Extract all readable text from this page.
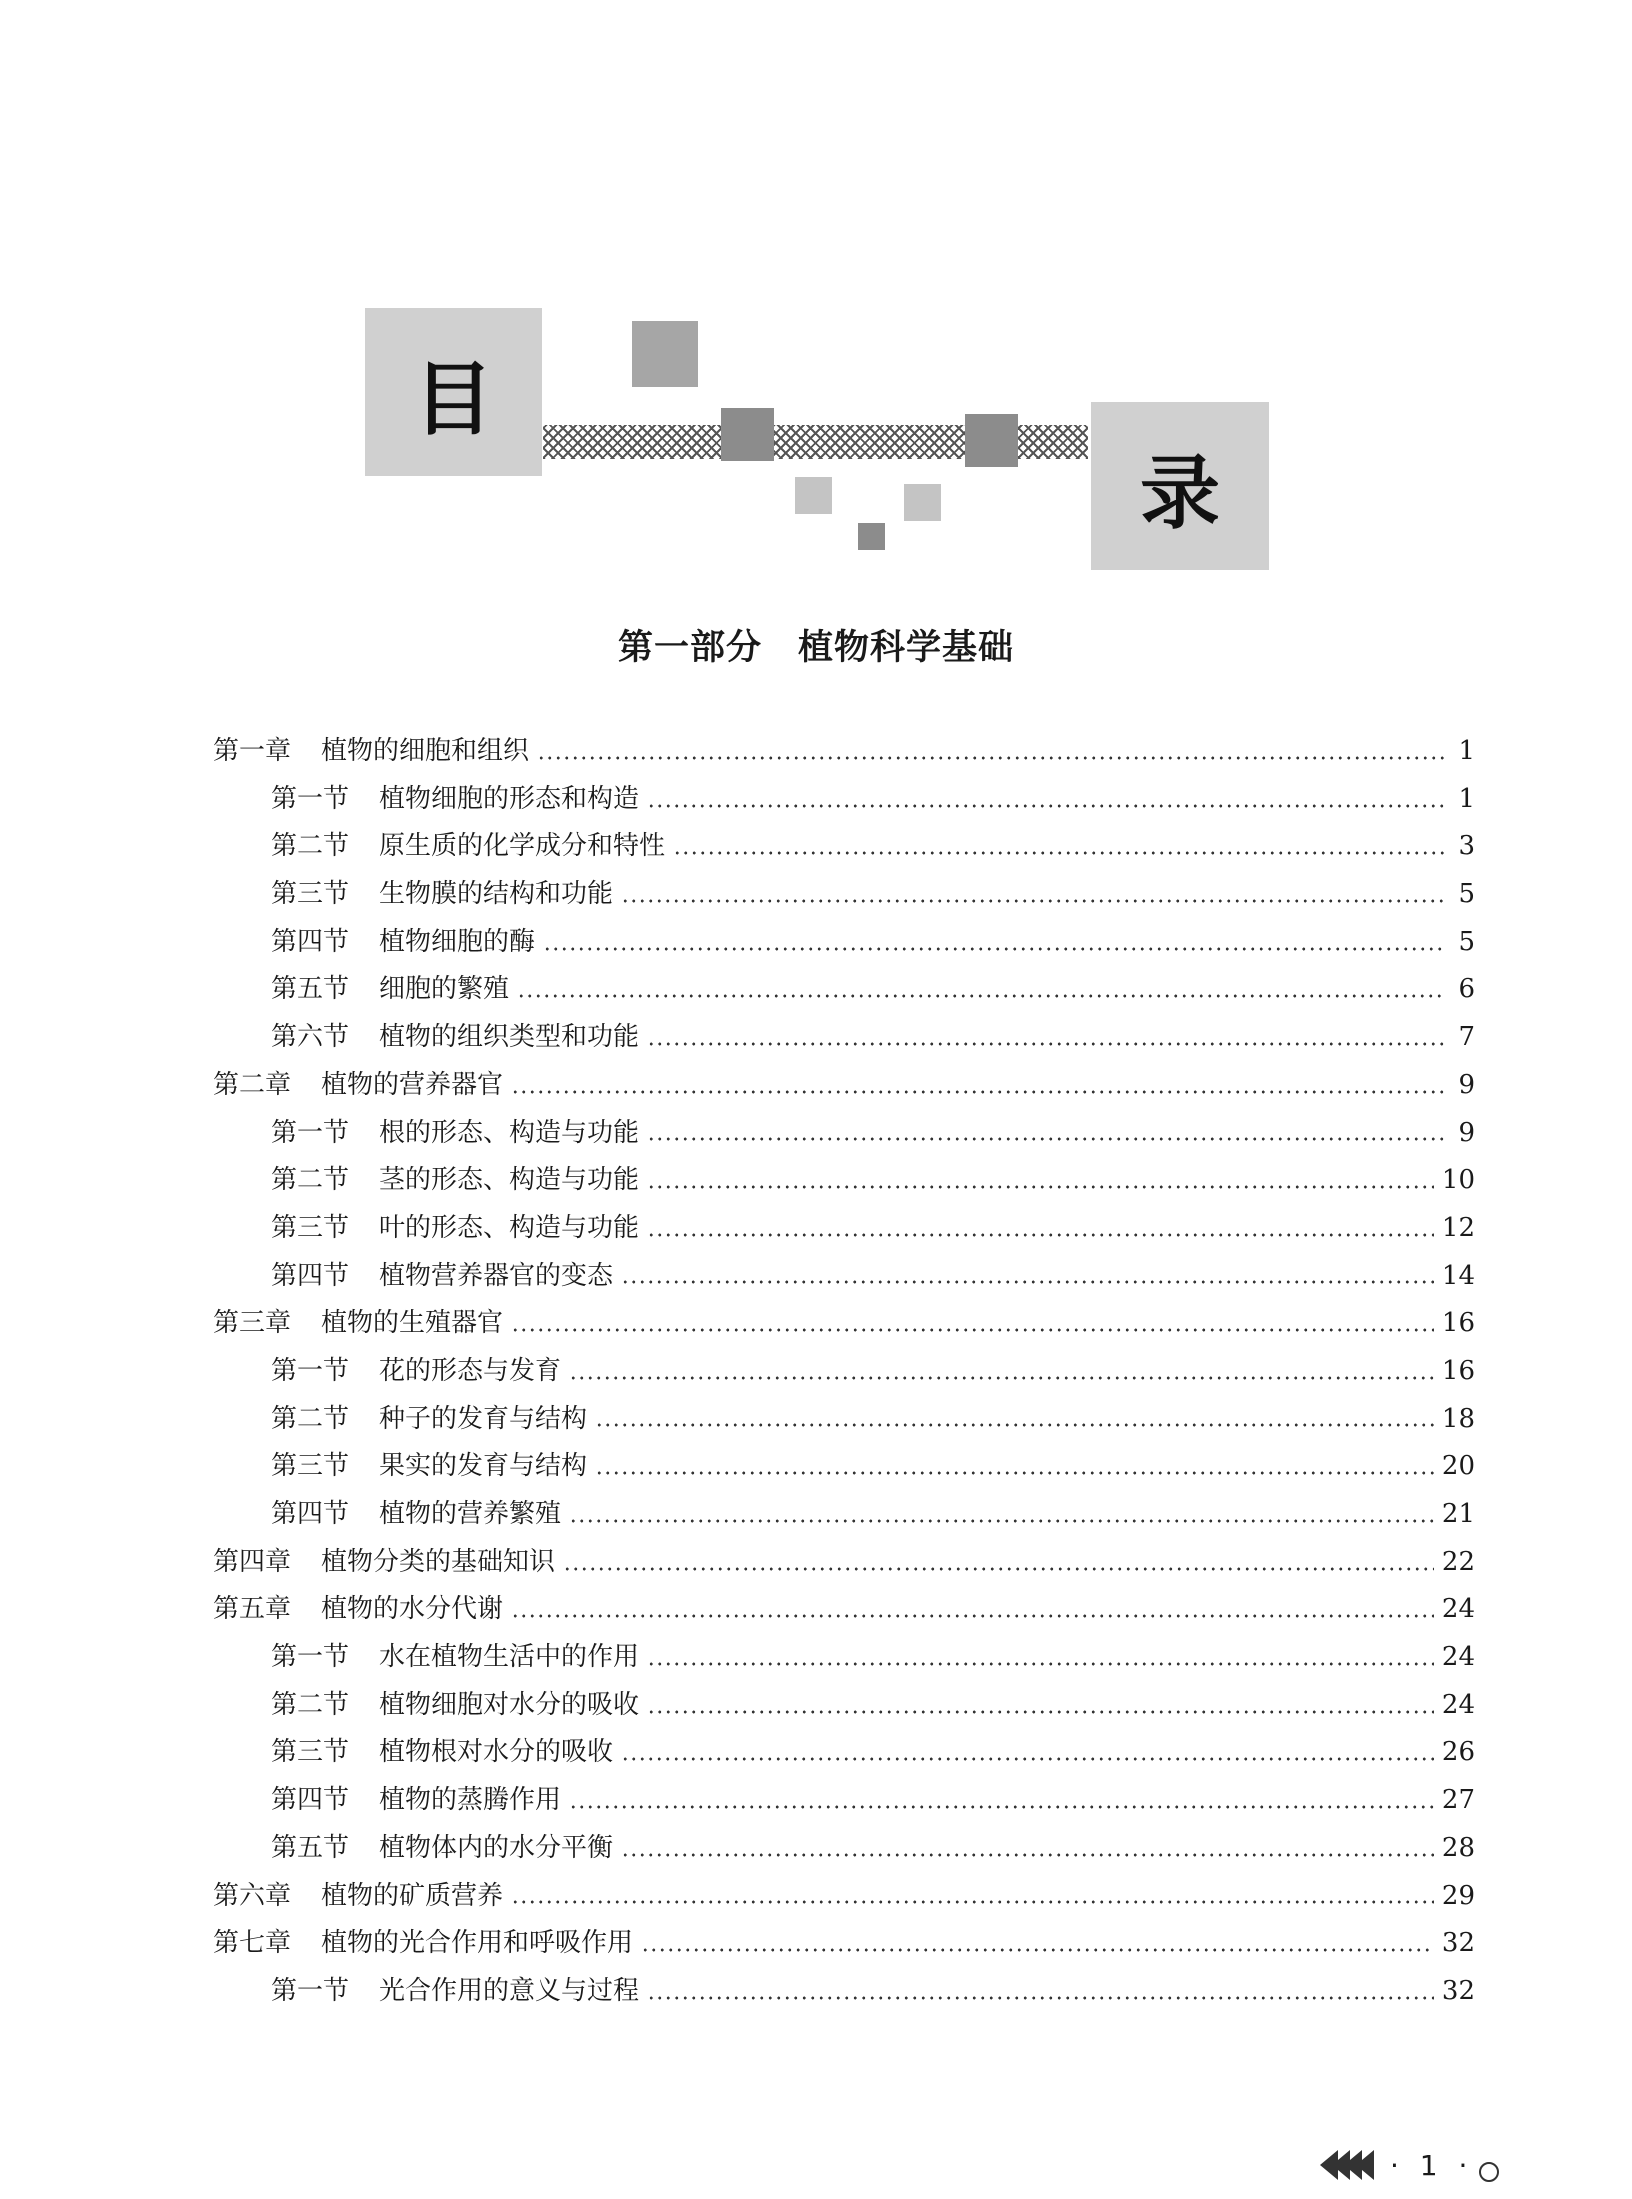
目
录
第一部分　植物科学基础
第一章 植物的细胞和组织	1
第一节 植物细胞的形态和构造	1
第二节 原生质的化学成分和特性	3
第三节 生物膜的结构和功能	5
第四节 植物细胞的酶	5
第五节 细胞的繁殖	6
第六节 植物的组织类型和功能	7
第二章 植物的营养器官	9
第一节 根的形态、构造与功能	9
第二节 茎的形态、构造与功能	10
第三节 叶的形态、构造与功能	12
第四节 植物营养器官的变态	14
第三章 植物的生殖器官	16
第一节 花的形态与发育	16
第二节 种子的发育与结构	18
第三节 果实的发育与结构	20
第四节 植物的营养繁殖	21
第四章 植物分类的基础知识	22
第五章 植物的水分代谢	24
第一节 水在植物生活中的作用	24
第二节 植物细胞对水分的吸收	24
第三节 植物根对水分的吸收	26
第四节 植物的蒸腾作用	27
第五节 植物体内的水分平衡	28
第六章 植物的矿质营养	29
第七章 植物的光合作用和呼吸作用	32
第一节 光合作用的意义与过程	32
· 1 ·
